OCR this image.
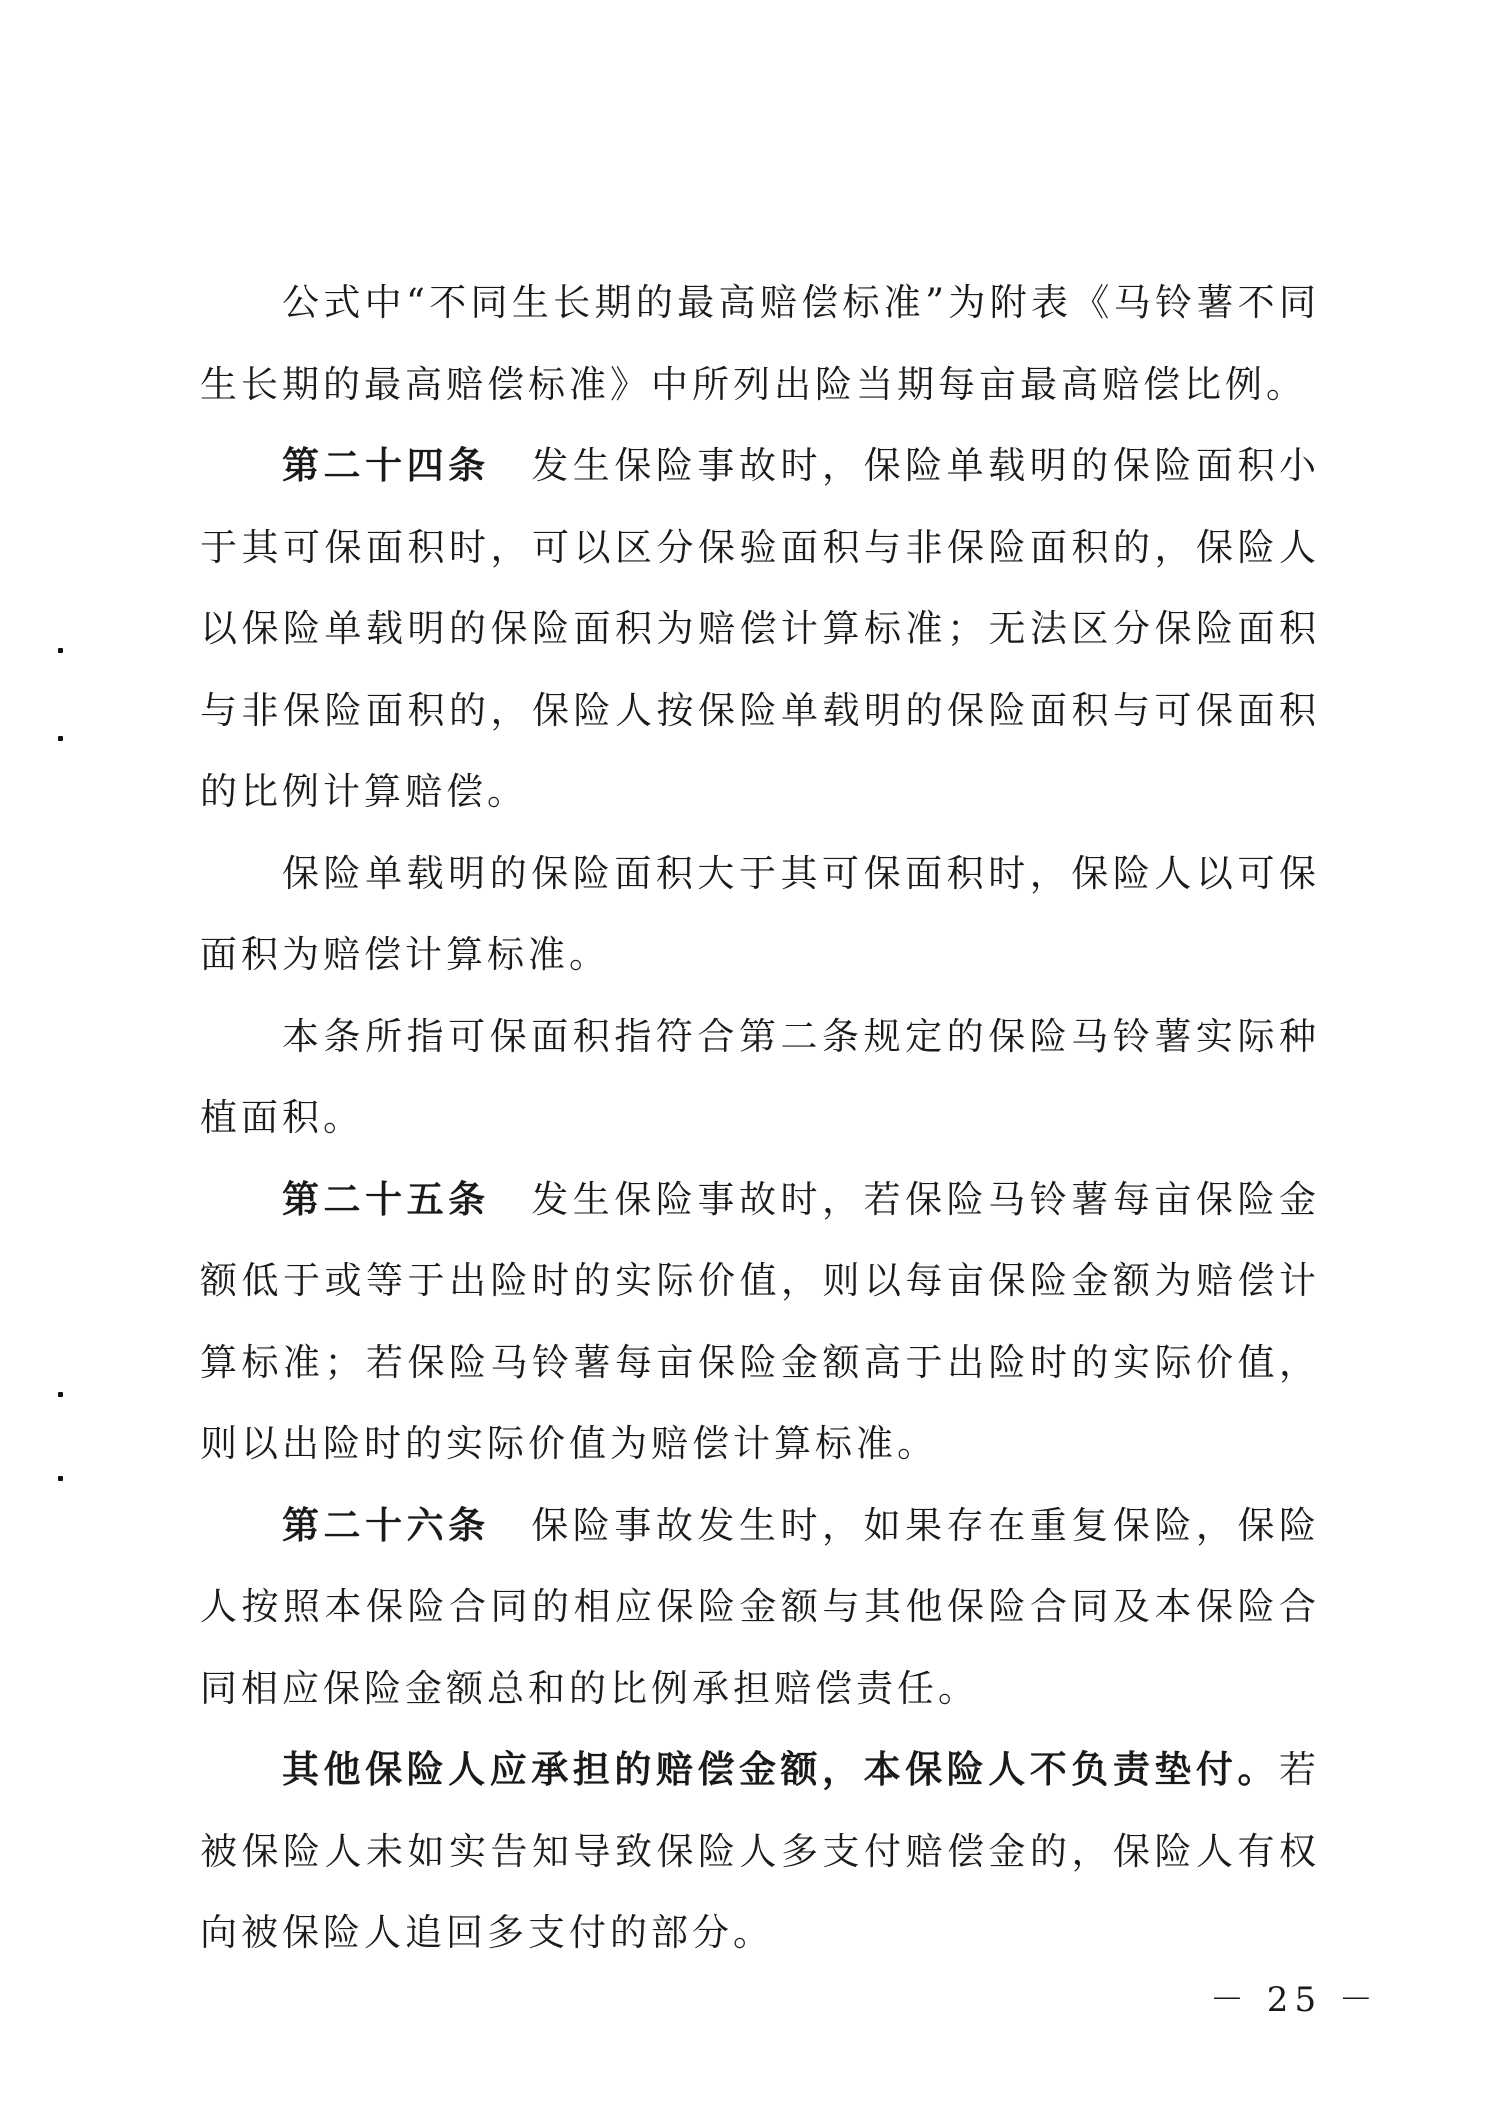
公式中“不同生长期的最高赔偿标准”为附表《马铃薯不同生长期的最高赔偿标准》中所列出险当期每亩最高赔偿比例。

第二十四条  发生保险事故时，保险单载明的保险面积小于其可保面积时，可以区分保验面积与非保险面积的，保险人以保险单载明的保险面积为赔偿计算标准；无法区分保险面积与非保险面积的，保险人按保险单载明的保险面积与可保面积的比例计算赔偿。

保险单载明的保险面积大于其可保面积时，保险人以可保面积为赔偿计算标准。

本条所指可保面积指符合第二条规定的保险马铃薯实际种植面积。

第二十五条  发生保险事故时，若保险马铃薯每亩保险金额低于或等于出险时的实际价值，则以每亩保险金额为赔偿计算标准；若保险马铃薯每亩保险金额高于出险时的实际价值，则以出险时的实际价值为赔偿计算标准。

第二十六条  保险事故发生时，如果存在重复保险，保险人按照本保险合同的相应保险金额与其他保险合同及本保险合同相应保险金额总和的比例承担赔偿责任。

其他保险人应承担的赔偿金额，本保险人不负责垫付。若被保险人未如实告知导致保险人多支付赔偿金的，保险人有权向被保险人追回多支付的部分。

－ 25 －
